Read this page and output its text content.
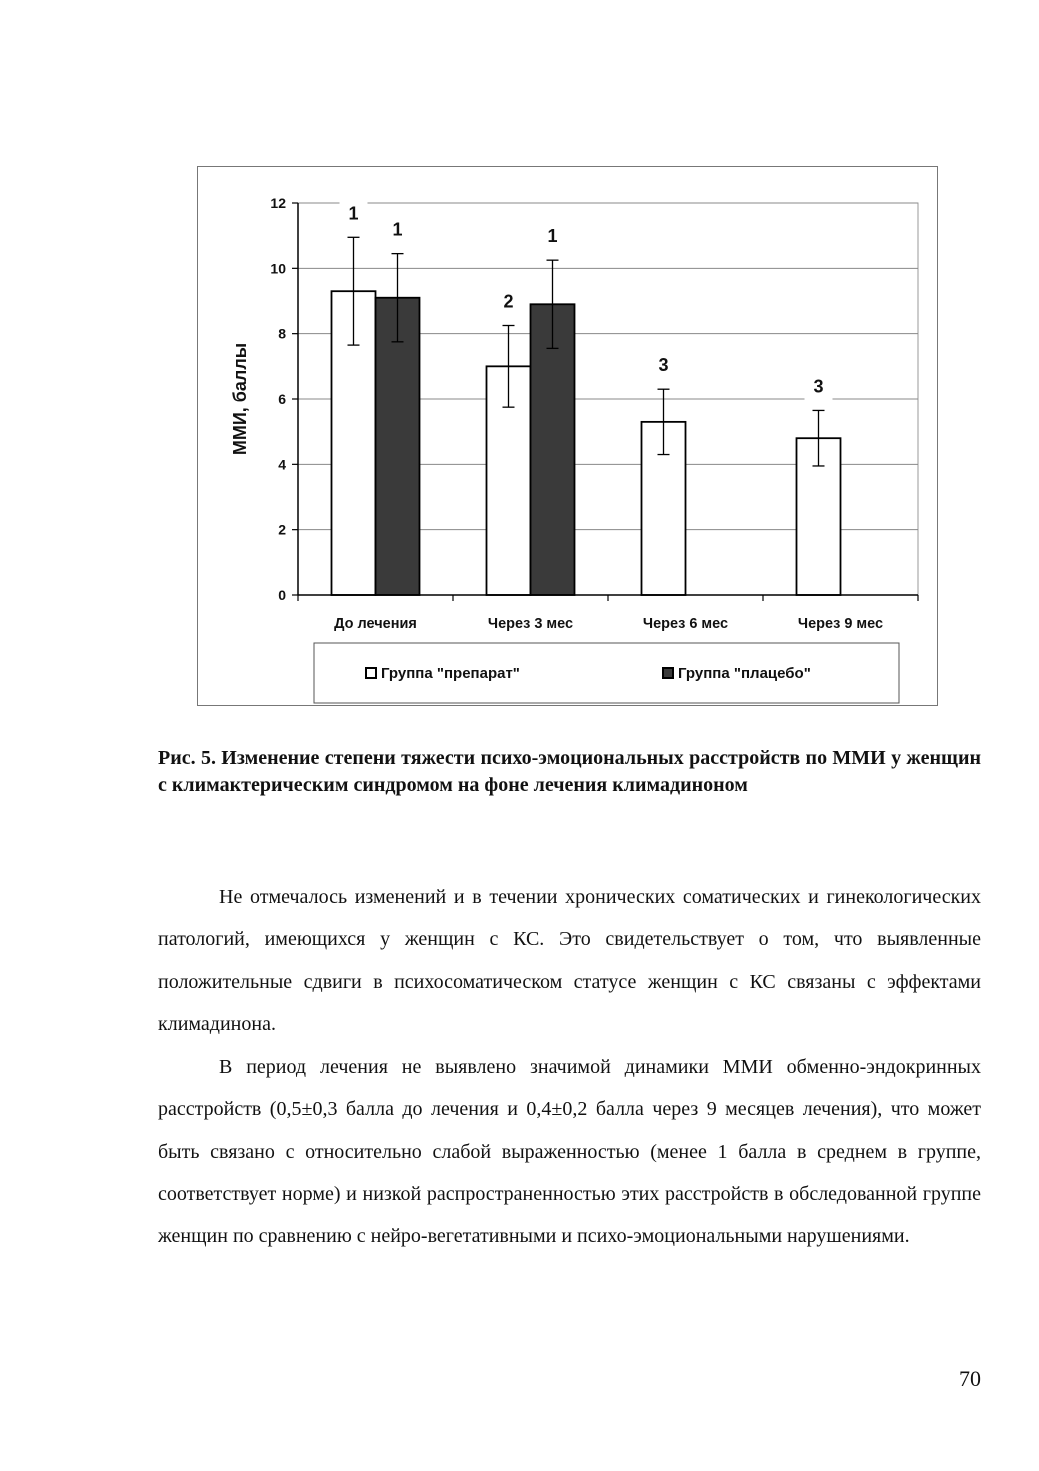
0
2
4
6
8
10
12
До лечения	Через 3 мес	Через 6 мес	Через 9 мес
1
2
3
3
1	1
ММИ, баллы
Группа "препарат"	Группа "плацебо"
Рис. 5. Изменение степени тяжести психо-эмоциональных расстройств по ММИ у женщин с климактерическим синдромом на фоне лечения климадиноном

Не отмечалось изменений и в течении хронических соматических и гинекологических патологий, имеющихся у женщин с КС. Это свидетельствует о том, что выявленные положительные сдвиги в психосоматическом статусе женщин с КС связаны с эффектами климадинона.

В период лечения не выявлено значимой динамики ММИ обменно-эндокринных расстройств (0,5±0,3 балла до лечения и 0,4±0,2 балла через 9 месяцев лечения), что может быть связано с относительно слабой выраженностью (менее 1 балла в среднем в группе, соответствует норме) и низкой распространенностью этих расстройств в обследованной группе женщин по сравнению с нейро-вегетативными и психо-эмоциональными нарушениями.

70
